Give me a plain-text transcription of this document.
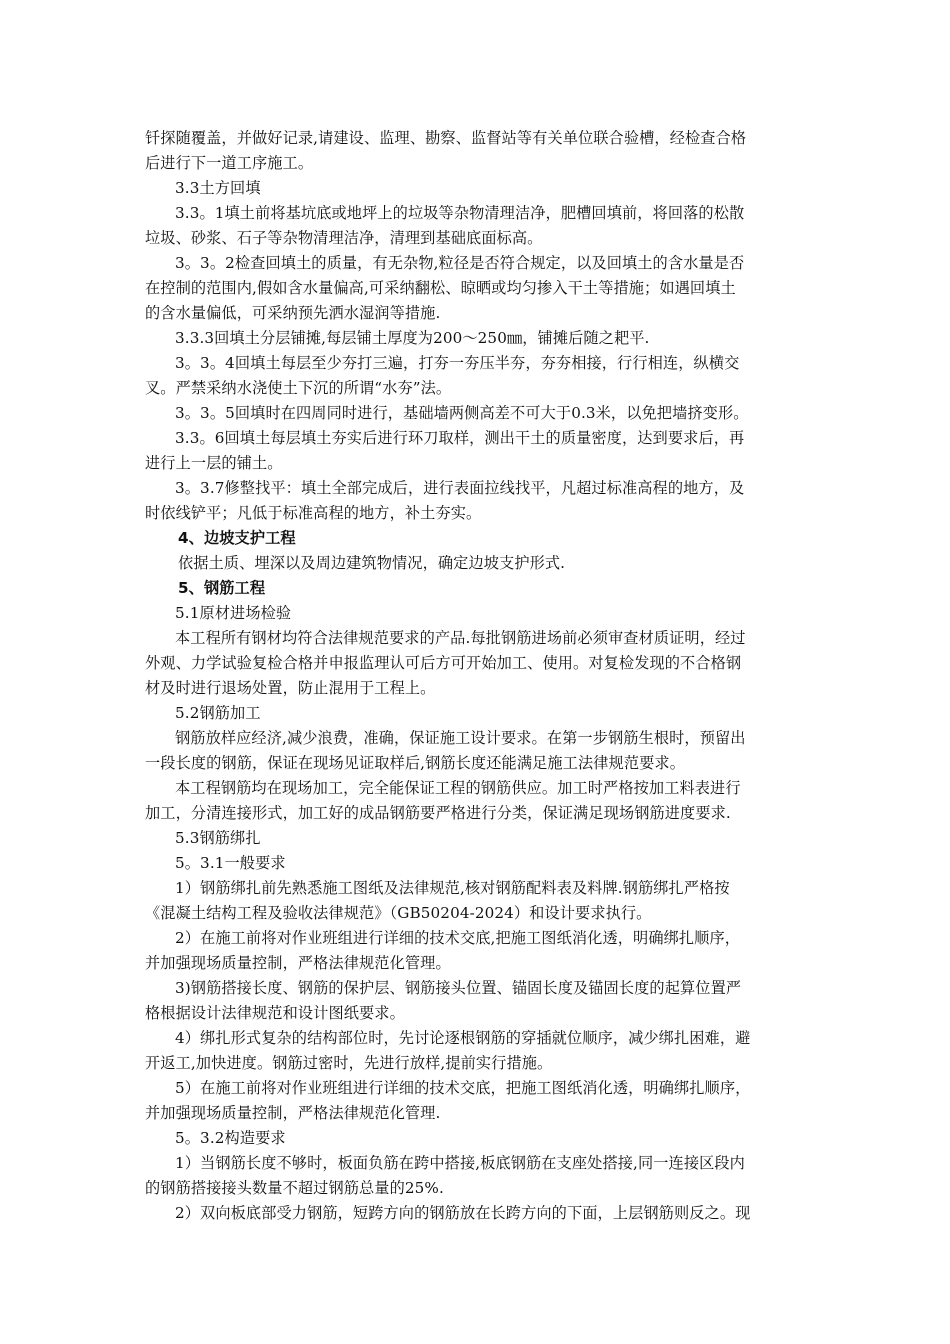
钎探随覆盖，并做好记录,请建设、监理、勘察、监督站等有关单位联合验槽，经检查合格
后进行下一道工序施工。
3.3土方回填
3.3。1填土前将基坑底或地坪上的垃圾等杂物清理洁净，肥槽回填前，将回落的松散
垃圾、砂浆、石子等杂物清理洁净，清理到基础底面标高。
3。3。2检查回填土的质量，有无杂物,粒径是否符合规定，以及回填土的含水量是否
在控制的范围内,假如含水量偏高,可采纳翻松、晾晒或均匀掺入干土等措施；如遇回填土
的含水量偏低，可采纳预先洒水湿润等措施.
3.3.3回填土分层铺摊,每层铺土厚度为200～250㎜，铺摊后随之耙平.
3。3。4回填土每层至少夯打三遍，打夯一夯压半夯，夯夯相接，行行相连，纵横交
叉。严禁采纳水浇使土下沉的所谓“水夯”法。
3。3。5回填时在四周同时进行，基础墙两侧高差不可大于0.3米，以免把墙挤变形。
3.3。6回填土每层填土夯实后进行环刀取样，测出干土的质量密度，达到要求后，再
进行上一层的铺土。
3。3.7修整找平：填土全部完成后，进行表面拉线找平，凡超过标准高程的地方，及
时依线铲平；凡低于标准高程的地方，补土夯实。
4、边坡支护工程
依据土质、埋深以及周边建筑物情况，确定边坡支护形式.
5、钢筋工程
5.1原材进场检验
本工程所有钢材均符合法律规范要求的产品.每批钢筋进场前必须审查材质证明，经过
外观、力学试验复检合格并申报监理认可后方可开始加工、使用。对复检发现的不合格钢
材及时进行退场处置，防止混用于工程上。
5.2钢筋加工
钢筋放样应经济,减少浪费，准确，保证施工设计要求。在第一步钢筋生根时，预留出
一段长度的钢筋，保证在现场见证取样后,钢筋长度还能满足施工法律规范要求。
本工程钢筋均在现场加工，完全能保证工程的钢筋供应。加工时严格按加工料表进行
加工，分清连接形式，加工好的成品钢筋要严格进行分类，保证满足现场钢筋进度要求.
5.3钢筋绑扎
5。3.1一般要求
1）钢筋绑扎前先熟悉施工图纸及法律规范,核对钢筋配料表及料牌.钢筋绑扎严格按
《混凝土结构工程及验收法律规范》（GB50204-2024）和设计要求执行。
2）在施工前将对作业班组进行详细的技术交底,把施工图纸消化透，明确绑扎顺序，
并加强现场质量控制，严格法律规范化管理。
3)钢筋搭接长度、钢筋的保护层、钢筋接头位置、锚固长度及锚固长度的起算位置严
格根据设计法律规范和设计图纸要求。
4）绑扎形式复杂的结构部位时，先讨论逐根钢筋的穿插就位顺序，减少绑扎困难，避
开返工,加快进度。钢筋过密时，先进行放样,提前实行措施。
5）在施工前将对作业班组进行详细的技术交底，把施工图纸消化透，明确绑扎顺序，
并加强现场质量控制，严格法律规范化管理.
5。3.2构造要求
1）当钢筋长度不够时，板面负筋在跨中搭接,板底钢筋在支座处搭接,同一连接区段内
的钢筋搭接接头数量不超过钢筋总量的25%.
2）双向板底部受力钢筋，短跨方向的钢筋放在长跨方向的下面，上层钢筋则反之。现
